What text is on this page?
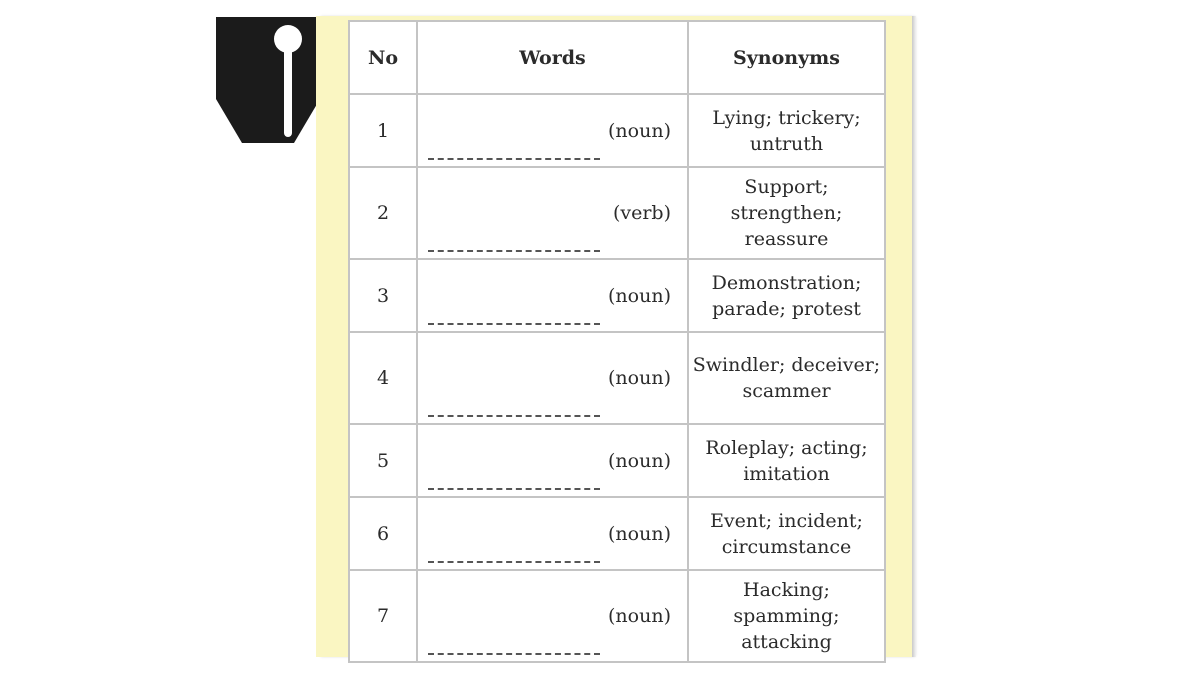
No	Words	Synonyms
1	(noun)	Lying; trickery; untruth
2	(verb)	Support; strengthen; reassure
3	(noun)	Demonstration; parade; protest
4	(noun)	Swindler; deceiver; scammer
5	(noun)	Roleplay; acting; imitation
6	(noun)	Event; incident; circumstance
7	(noun)	Hacking; spamming; attacking
